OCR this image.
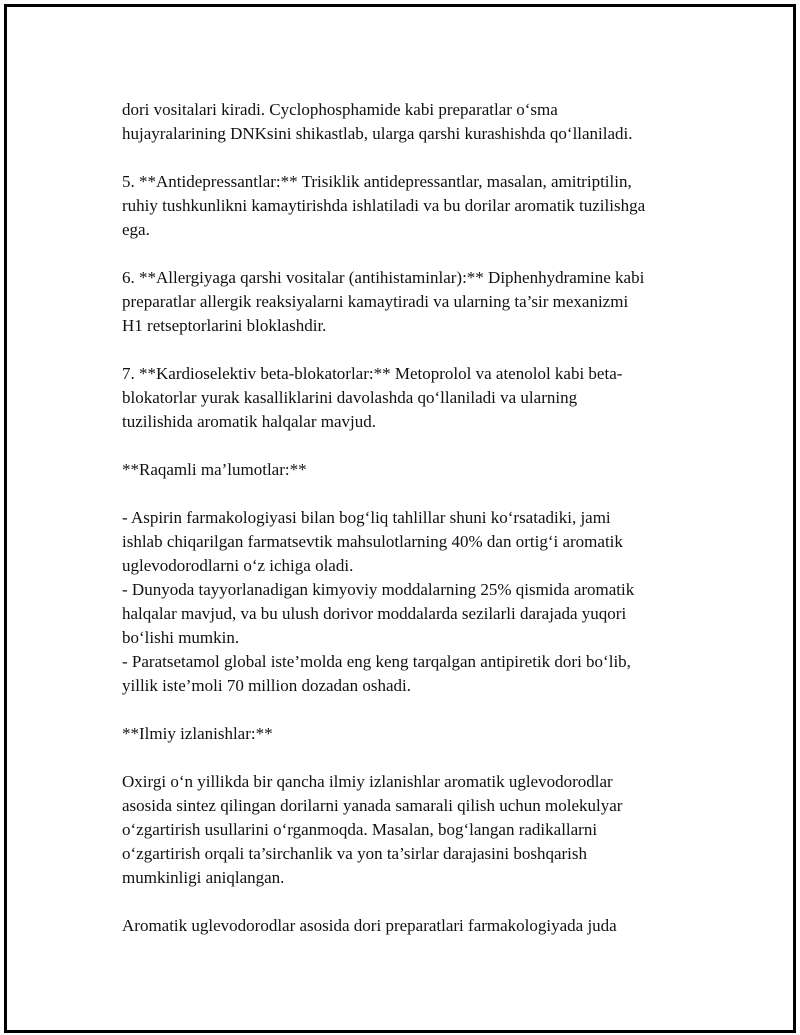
dori vositalari kiradi. Cyclophosphamide kabi preparatlar o‘sma
hujayralarining DNKsini shikastlab, ularga qarshi kurashishda qo‘llaniladi.
5. **Antidepressantlar:** Trisiklik antidepressantlar, masalan, amitriptilin,
ruhiy tushkunlikni kamaytirishda ishlatiladi va bu dorilar aromatik tuzilishga
ega.
6. **Allergiyaga qarshi vositalar (antihistaminlar):** Diphenhydramine kabi
preparatlar allergik reaksiyalarni kamaytiradi va ularning ta’sir mexanizmi
H1 retseptorlarini bloklashdir.
7. **Kardioselektiv beta-blokatorlar:** Metoprolol va atenolol kabi beta-
blokatorlar yurak kasalliklarini davolashda qo‘llaniladi va ularning
tuzilishida aromatik halqalar mavjud.
**Raqamli ma’lumotlar:**
- Aspirin farmakologiyasi bilan bog‘liq tahlillar shuni ko‘rsatadiki, jami
ishlab chiqarilgan farmatsevtik mahsulotlarning 40% dan ortig‘i aromatik
uglevodorodlarni o‘z ichiga oladi.
- Dunyoda tayyorlanadigan kimyoviy moddalarning 25% qismida aromatik
halqalar mavjud, va bu ulush dorivor moddalarda sezilarli darajada yuqori
bo‘lishi mumkin.
- Paratsetamol global iste’molda eng keng tarqalgan antipiretik dori bo‘lib,
yillik iste’moli 70 million dozadan oshadi.
**Ilmiy izlanishlar:**
Oxirgi o‘n yillikda bir qancha ilmiy izlanishlar aromatik uglevodorodlar
asosida sintez qilingan dorilarni yanada samarali qilish uchun molekulyar
o‘zgartirish usullarini o‘rganmoqda. Masalan, bog‘langan radikallarni
o‘zgartirish orqali ta’sirchanlik va yon ta’sirlar darajasini boshqarish
mumkinligi aniqlangan.
Aromatik uglevodorodlar asosida dori preparatlari farmakologiyada juda
